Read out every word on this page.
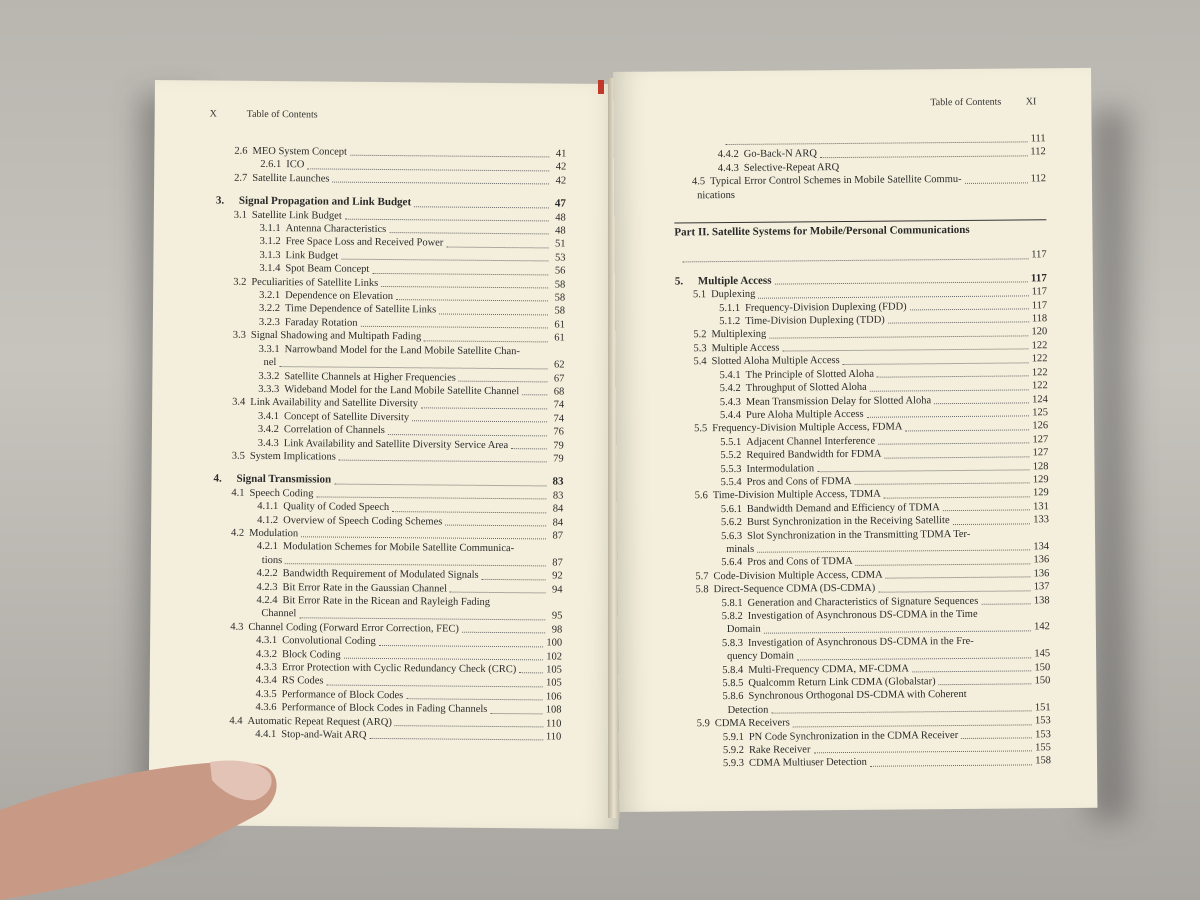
X	Table of Contents
2.6 MEO System Concept	41
2.6.1 ICO	42
2.7 Satellite Launches	42
3.	Signal Propagation and Link Budget	47
3.1 Satellite Link Budget	48
3.1.1 Antenna Characteristics	48
3.1.2 Free Space Loss and Received Power	51
3.1.3 Link Budget	53
3.1.4 Spot Beam Concept	56
3.2 Peculiarities of Satellite Links	58
3.2.1 Dependence on Elevation	58
3.2.2 Time Dependence of Satellite Links	58
3.2.3 Faraday Rotation	61
3.3 Signal Shadowing and Multipath Fading	61
3.3.1 Narrowband Model for the Land Mobile Satellite Chan-
nel	62
3.3.2 Satellite Channels at Higher Frequencies	67
3.3.3 Wideband Model for the Land Mobile Satellite Channel	68
3.4 Link Availability and Satellite Diversity	74
3.4.1 Concept of Satellite Diversity	74
3.4.2 Correlation of Channels	76
3.4.3 Link Availability and Satellite Diversity Service Area	79
3.5 System Implications	79
4.	Signal Transmission	83
4.1 Speech Coding	83
4.1.1 Quality of Coded Speech	84
4.1.2 Overview of Speech Coding Schemes	84
4.2 Modulation	87
4.2.1 Modulation Schemes for Mobile Satellite Communica-
tions	87
4.2.2 Bandwidth Requirement of Modulated Signals	92
4.2.3 Bit Error Rate in the Gaussian Channel	94
4.2.4 Bit Error Rate in the Ricean and Rayleigh Fading
Channel	95
4.3 Channel Coding (Forward Error Correction, FEC)	98
4.3.1 Convolutional Coding	100
4.3.2 Block Coding	102
4.3.3 Error Protection with Cyclic Redundancy Check (CRC)	105
4.3.4 RS Codes	105
4.3.5 Performance of Block Codes	106
4.3.6 Performance of Block Codes in Fading Channels	108
4.4 Automatic Repeat Request (ARQ)	110
4.4.1 Stop-and-Wait ARQ	110
Table of Contents XI
111
4.4.2 Go-Back-N ARQ	112
4.4.3 Selective-Repeat ARQ
4.5 Typical Error Control Schemes in Mobile Satellite Commu-	112
nications
Part II. Satellite Systems for Mobile/Personal Communications
117
5.	Multiple Access	117
5.1 Duplexing	117
5.1.1 Frequency-Division Duplexing (FDD)	117
5.1.2 Time-Division Duplexing (TDD)	118
5.2 Multiplexing	120
5.3 Multiple Access	122
5.4 Slotted Aloha Multiple Access	122
5.4.1 The Principle of Slotted Aloha	122
5.4.2 Throughput of Slotted Aloha	122
5.4.3 Mean Transmission Delay for Slotted Aloha	124
5.4.4 Pure Aloha Multiple Access	125
5.5 Frequency-Division Multiple Access, FDMA	126
5.5.1 Adjacent Channel Interference	127
5.5.2 Required Bandwidth for FDMA	127
5.5.3 Intermodulation	128
5.5.4 Pros and Cons of FDMA	129
5.6 Time-Division Multiple Access, TDMA	129
5.6.1 Bandwidth Demand and Efficiency of TDMA	131
5.6.2 Burst Synchronization in the Receiving Satellite	133
5.6.3 Slot Synchronization in the Transmitting TDMA Ter-
minals	134
5.6.4 Pros and Cons of TDMA	136
5.7 Code-Division Multiple Access, CDMA	136
5.8 Direct-Sequence CDMA (DS-CDMA)	137
5.8.1 Generation and Characteristics of Signature Sequences	138
5.8.2 Investigation of Asynchronous DS-CDMA in the Time
Domain	142
5.8.3 Investigation of Asynchronous DS-CDMA in the Fre-
quency Domain	145
5.8.4 Multi-Frequency CDMA, MF-CDMA	150
5.8.5 Qualcomm Return Link CDMA (Globalstar)	150
5.8.6 Synchronous Orthogonal DS-CDMA with Coherent
Detection	151
5.9 CDMA Receivers	153
5.9.1 PN Code Synchronization in the CDMA Receiver	153
5.9.2 Rake Receiver	155
5.9.3 CDMA Multiuser Detection	158
